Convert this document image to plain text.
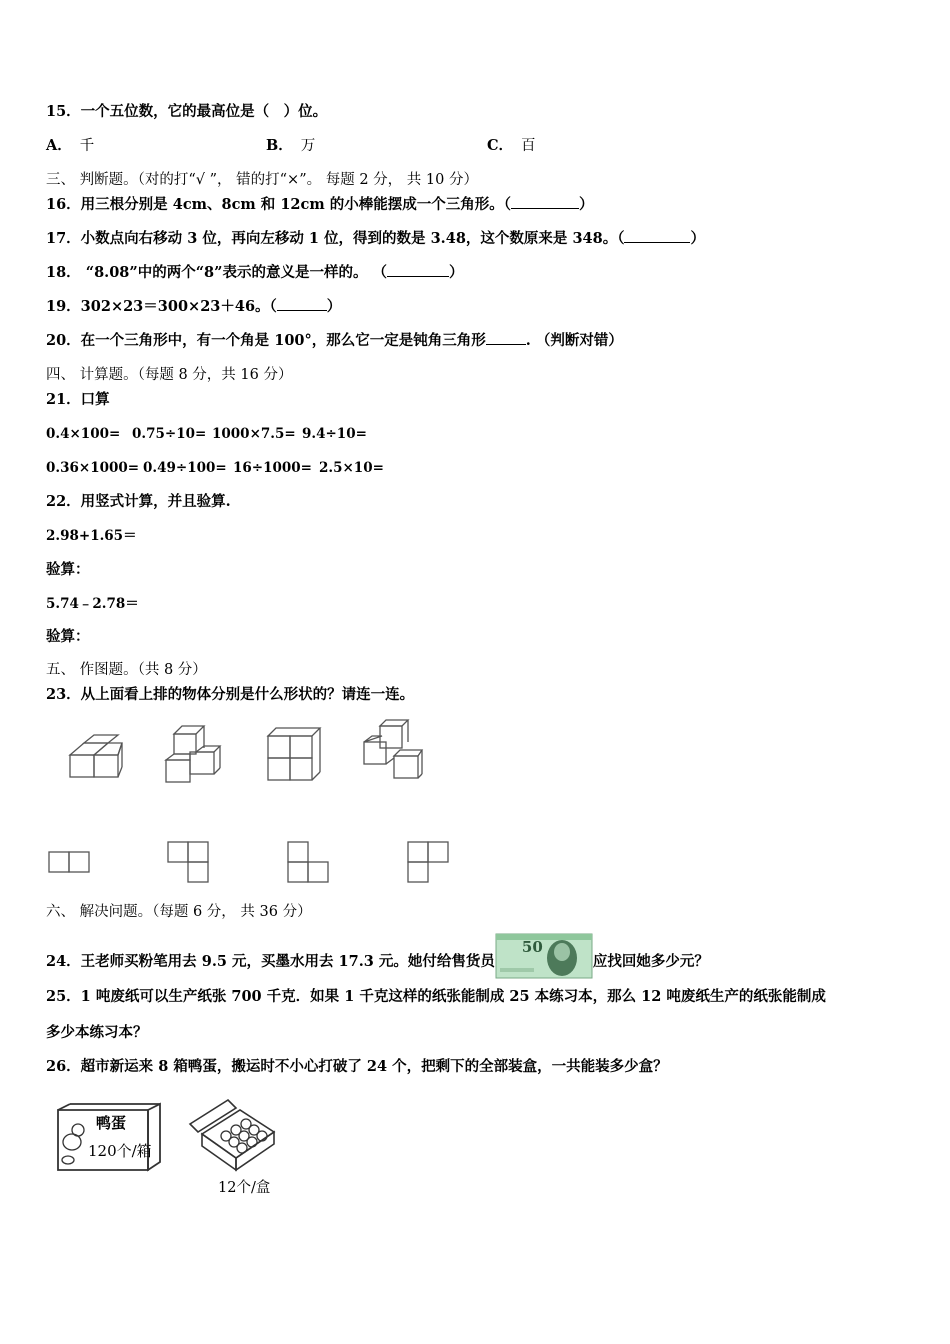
15．一个五位数，它的最高位是（　）位。
A． 千	B． 万	C． 百
三、 判断题。（对的打“√ ”， 错的打“×”。 每题 2 分， 共 10 分）
16．用三根分别是 4cm、8cm 和 12cm 的小棒能摆成一个三角形。（	）
17．小数点向右移动 3 位，再向左移动 1 位，得到的数是 3.48，这个数原来是 348。（	）
18． “8.08”中的两个“8”表示的意义是一样的。 （	）
19．302×23＝300×23＋46。（	）
20．在一个三角形中，有一个角是 100°，那么它一定是钝角三角形	. （判断对错）
四、 计算题。（每题 8 分，共 16 分）
21．口算
0.4×100= 0.75÷10= 1000×7.5= 9.4÷10=
0.36×1000= 0.49÷100= 16÷1000= 2.5×10=
22．用竖式计算，并且验算.
2.98+1.65＝
验算：
5.74﹣2.78＝
验算：
五、 作图题。（共 8 分）
23．从上面看上排的物体分别是什么形状的？请连一连。
六、 解决问题。（每题 6 分， 共 36 分）
24．王老师买粉笔用去 9.5 元，买墨水用去 17.3 元。她付给售货员
50
应找回她多少元？
25．1 吨废纸可以生产纸张 700 千克．如果 1 千克这样的纸张能制成 25 本练习本，那么 12 吨废纸生产的纸张能制成
多少本练习本？
26．超市新运来 8 箱鸭蛋，搬运时不小心打破了 24 个，把剩下的全部装盒，一共能装多少盒？
鸭蛋
120个/箱
12个/盒
